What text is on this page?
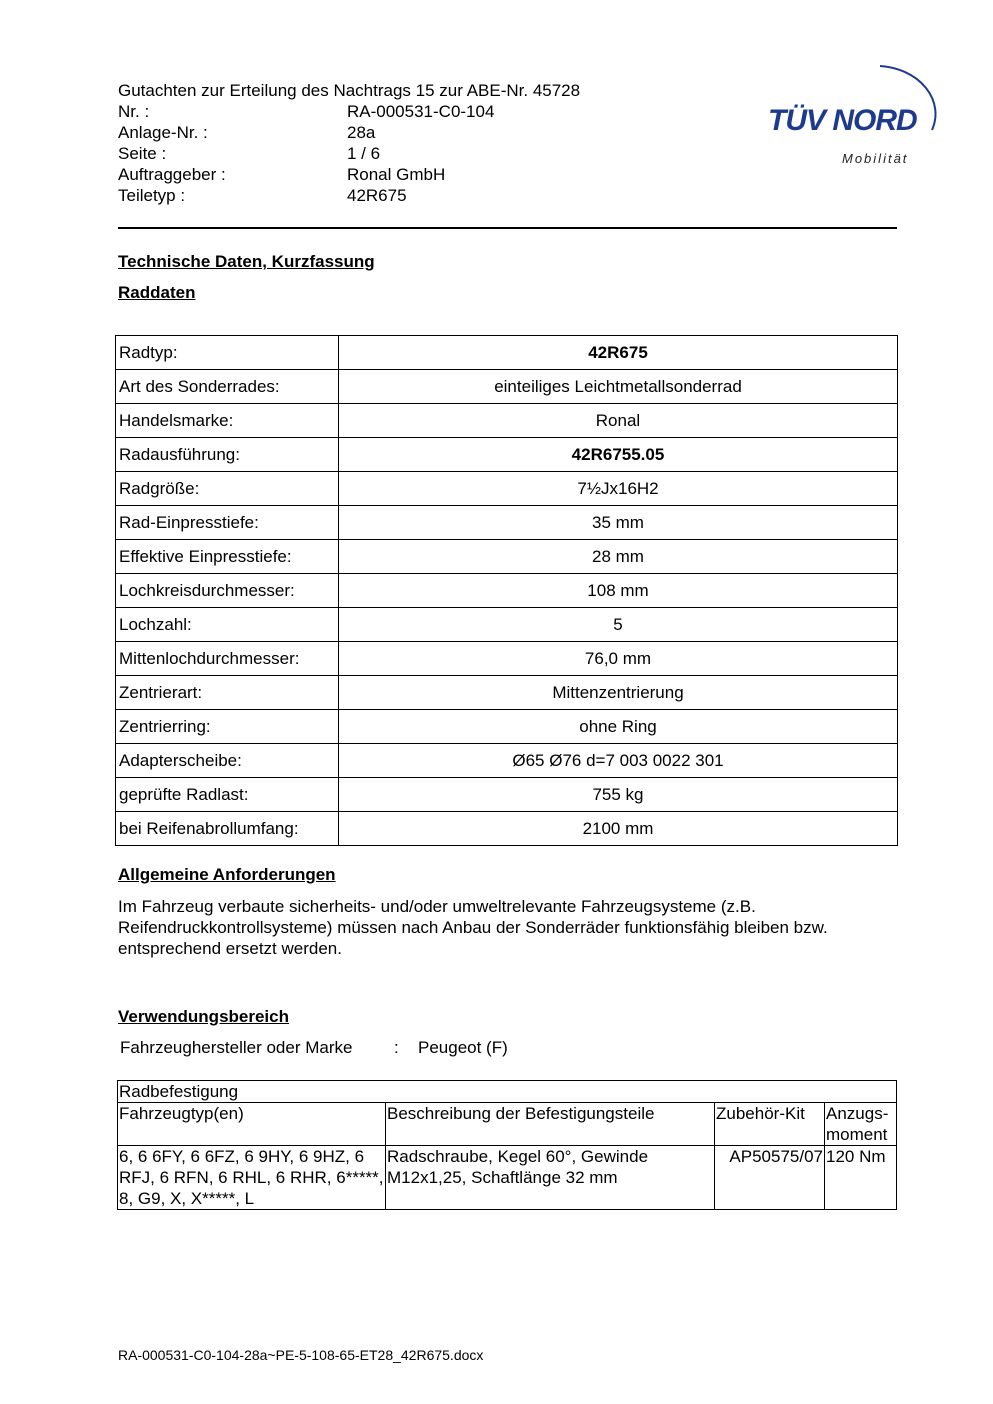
Gutachten zur Erteilung des Nachtrags 15 zur ABE-Nr. 45728
Nr. :	RA-000531-C0-104
Anlage-Nr. :	28a
Seite :	1 / 6
Auftraggeber :	Ronal GmbH
Teiletyp :	42R675
TÜV NORD
Mobilität
Technische Daten, Kurzfassung
Raddaten
Radtyp:	42R675
Art des Sonderrades:	einteiliges Leichtmetallsonderrad
Handelsmarke:	Ronal
Radausführung:	42R6755.05
Radgröße:	7½Jx16H2
Rad-Einpresstiefe:	35 mm
Effektive Einpresstiefe:	28 mm
Lochkreisdurchmesser:	108 mm
Lochzahl:	5
Mittenlochdurchmesser:	76,0 mm
Zentrierart:	Mittenzentrierung
Zentrierring:	ohne Ring
Adapterscheibe:	Ø65 Ø76 d=7 003 0022 301
geprüfte Radlast:	755 kg
bei Reifenabrollumfang:	2100 mm
Allgemeine Anforderungen
Im Fahrzeug verbaute sicherheits- und/oder umweltrelevante Fahrzeugsysteme (z.B. Reifendruckkontrollsysteme) müssen nach Anbau der Sonderräder funktionsfähig bleiben bzw. entsprechend ersetzt werden.
Verwendungsbereich
Fahrzeughersteller oder Marke	:	Peugeot (F)
Radbefestigung			
Fahrzeugtyp(en)	Beschreibung der Befestigungsteile	Zubehör-Kit	Anzugs-
moment
6, 6 6FY, 6 6FZ, 6 9HY, 6 9HZ, 6 RFJ, 6 RFN, 6 RHL, 6 RHR, 6*****, 8, G9, X, X*****, L	Radschraube, Kegel 60°, Gewinde M12x1,25, Schaftlänge 32 mm	AP50575/07	120 Nm
RA-000531-C0-104-28a~PE-5-108-65-ET28_42R675.docx
